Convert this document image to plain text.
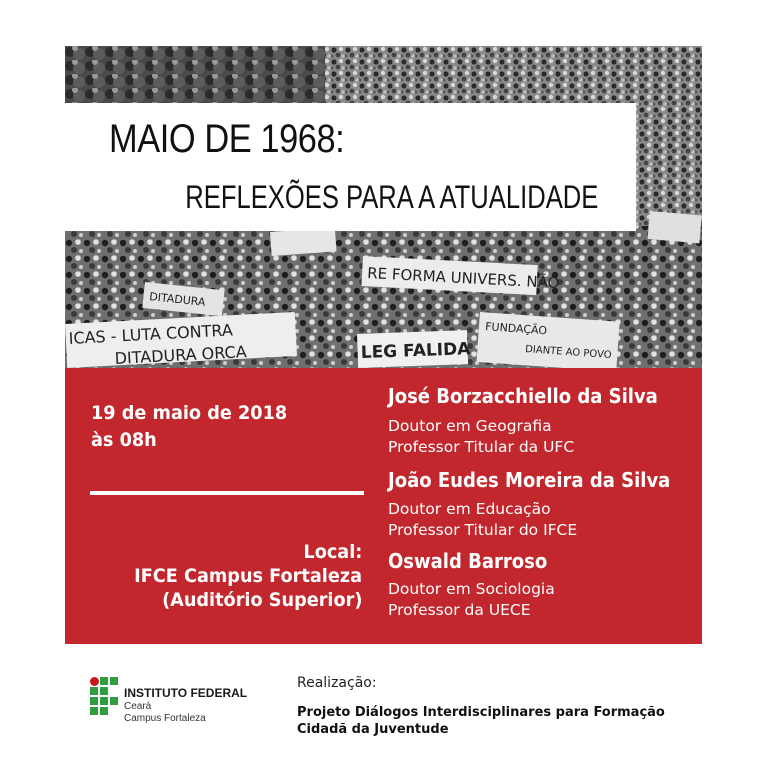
RE FORMA UNIVERS. NÃO
DITADURA
ICAS - LUTA CONTRA
DITADURA ORCA	LEG FALIDA
FUNDAÇÃO
DIANTE AO POVO
MAIO DE 1968:
REFLEXÕES PARA A ATUALIDADE
19 de maio de 2018
às 08h
Local:
IFCE Campus Fortaleza
(Auditório Superior)
José Borzacchiello da Silva
Doutor em Geografia
Professor Titular da UFC
João Eudes Moreira da Silva
Doutor em Educação
Professor Titular do IFCE
Oswald Barroso
Doutor em Sociologia
Professor da UECE
INSTITUTO FEDERAL
Ceará
Campus Fortaleza
Realização:
Projeto Diálogos Interdisciplinares para Formação
Cidadã da Juventude
